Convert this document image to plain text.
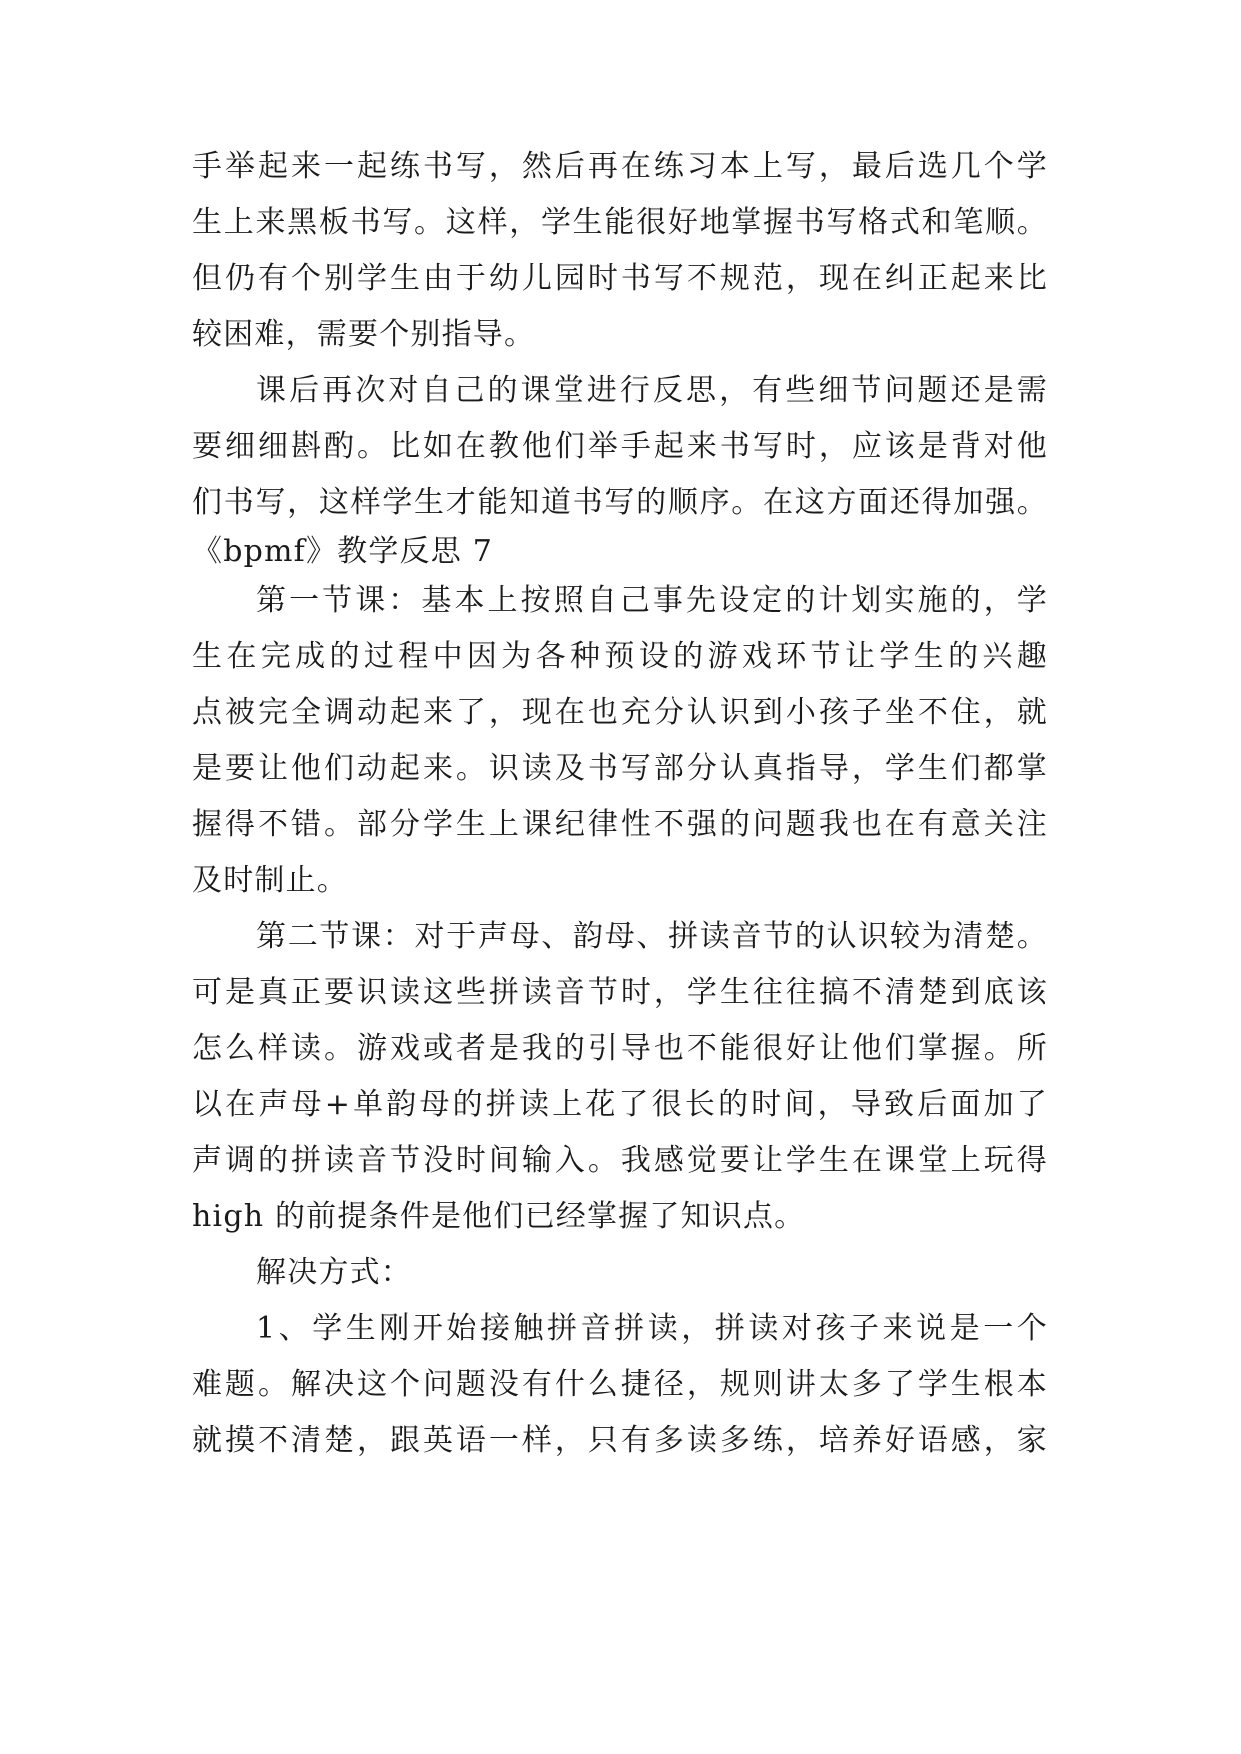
手举起来一起练书写，然后再在练习本上写，最后选几个学
生上来黑板书写。这样，学生能很好地掌握书写格式和笔顺。
但仍有个别学生由于幼儿园时书写不规范，现在纠正起来比
较困难，需要个别指导。
课后再次对自己的课堂进行反思，有些细节问题还是需
要细细斟酌。比如在教他们举手起来书写时，应该是背对他
们书写，这样学生才能知道书写的顺序。在这方面还得加强。
《bpmf》教学反思 7
第一节课：基本上按照自己事先设定的计划实施的，学
生在完成的过程中因为各种预设的游戏环节让学生的兴趣
点被完全调动起来了，现在也充分认识到小孩子坐不住，就
是要让他们动起来。识读及书写部分认真指导，学生们都掌
握得不错。部分学生上课纪律性不强的问题我也在有意关注
及时制止。
第二节课：对于声母、韵母、拼读音节的认识较为清楚。
可是真正要识读这些拼读音节时，学生往往搞不清楚到底该
怎么样读。游戏或者是我的引导也不能很好让他们掌握。所
以在声母+单韵母的拼读上花了很长的时间，导致后面加了
声调的拼读音节没时间输入。我感觉要让学生在课堂上玩得
high 的前提条件是他们已经掌握了知识点。
解决方式：
1、学生刚开始接触拼音拼读，拼读对孩子来说是一个
难题。解决这个问题没有什么捷径，规则讲太多了学生根本
就摸不清楚，跟英语一样，只有多读多练，培养好语感，家
